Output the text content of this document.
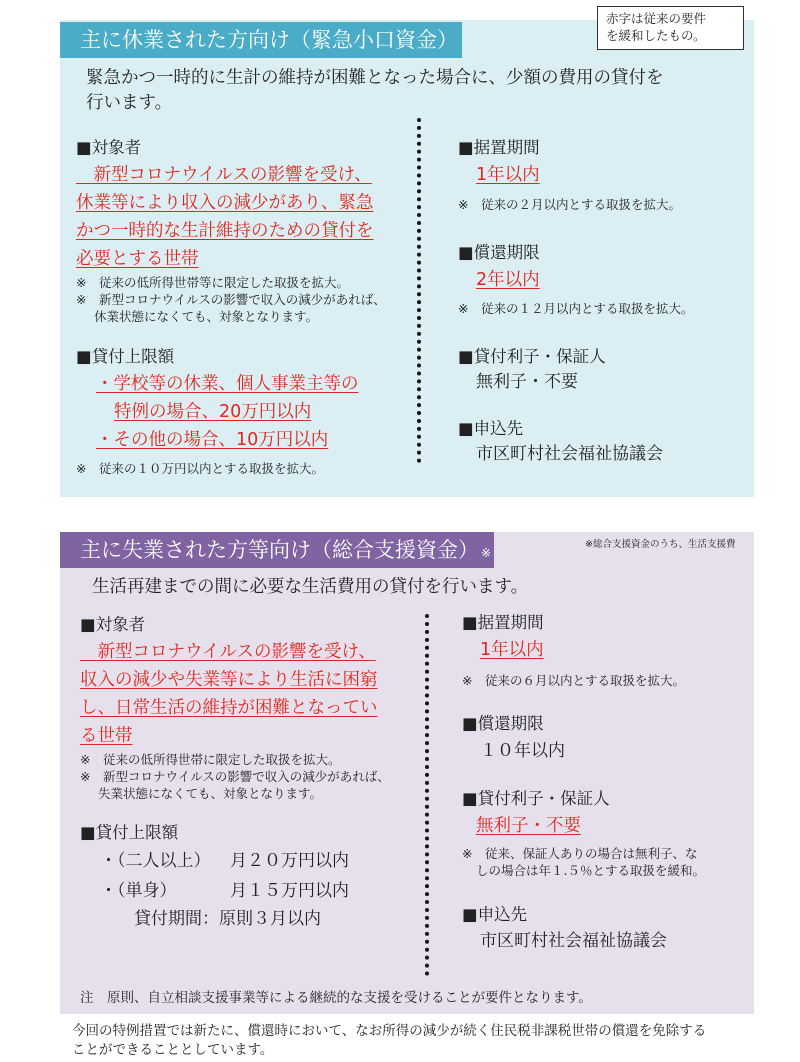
主に休業された方向け（緊急小口資金）
赤字は従来の要件
を緩和したもの。
緊急かつ一時的に生計の維持が困難となった場合に、少額の費用の貸付を
行います。
■対象者
　新型コロナウイルスの影響を受け、
休業等により収入の減少があり、緊急
かつ一時的な生計維持のための貸付を
必要とする世帯
※　従来の低所得世帯等に限定した取扱を拡大。
※　新型コロナウイルスの影響で収入の減少があれば、
休業状態になくても、対象となります。
■貸付上限額
・学校等の休業、個人事業主等の
特例の場合、20万円以内
・その他の場合、10万円以内
※　従来の１０万円以内とする取扱を拡大。
■据置期間
1年以内
※　従来の２月以内とする取扱を拡大。
■償還期限
2年以内
※　従来の１２月以内とする取扱を拡大。
■貸付利子・保証人
無利子・不要
■申込先
市区町村社会福祉協議会
主に失業された方等向け（総合支援資金） ※
※総合支援資金のうち、生活支援費
生活再建までの間に必要な生活費用の貸付を行います。
■対象者
　新型コロナウイルスの影響を受け、
収入の減少や失業等により生活に困窮
し、日常生活の維持が困難となってい
る世帯
※　従来の低所得世帯に限定した取扱を拡大。
※　新型コロナウイルスの影響で収入の減少があれば、
失業状態になくても、対象となります。
■貸付上限額
・（二人以上） 月２０万円以内
・（単身）	月１５万円以内
貸付期間：原則３月以内
■据置期間
1年以内
※　従来の６月以内とする取扱を拡大。
■償還期限
１０年以内
■貸付利子・保証人
無利子・不要
※　従来、保証人ありの場合は無利子、な
しの場合は年１.５％とする取扱を緩和。
■申込先
市区町村社会福祉協議会
注　原則、自立相談支援事業等による継続的な支援を受けることが要件となります。
今回の特例措置では新たに、償還時において、なお所得の減少が続く住民税非課税世帯の償還を免除する
ことができることとしています。
